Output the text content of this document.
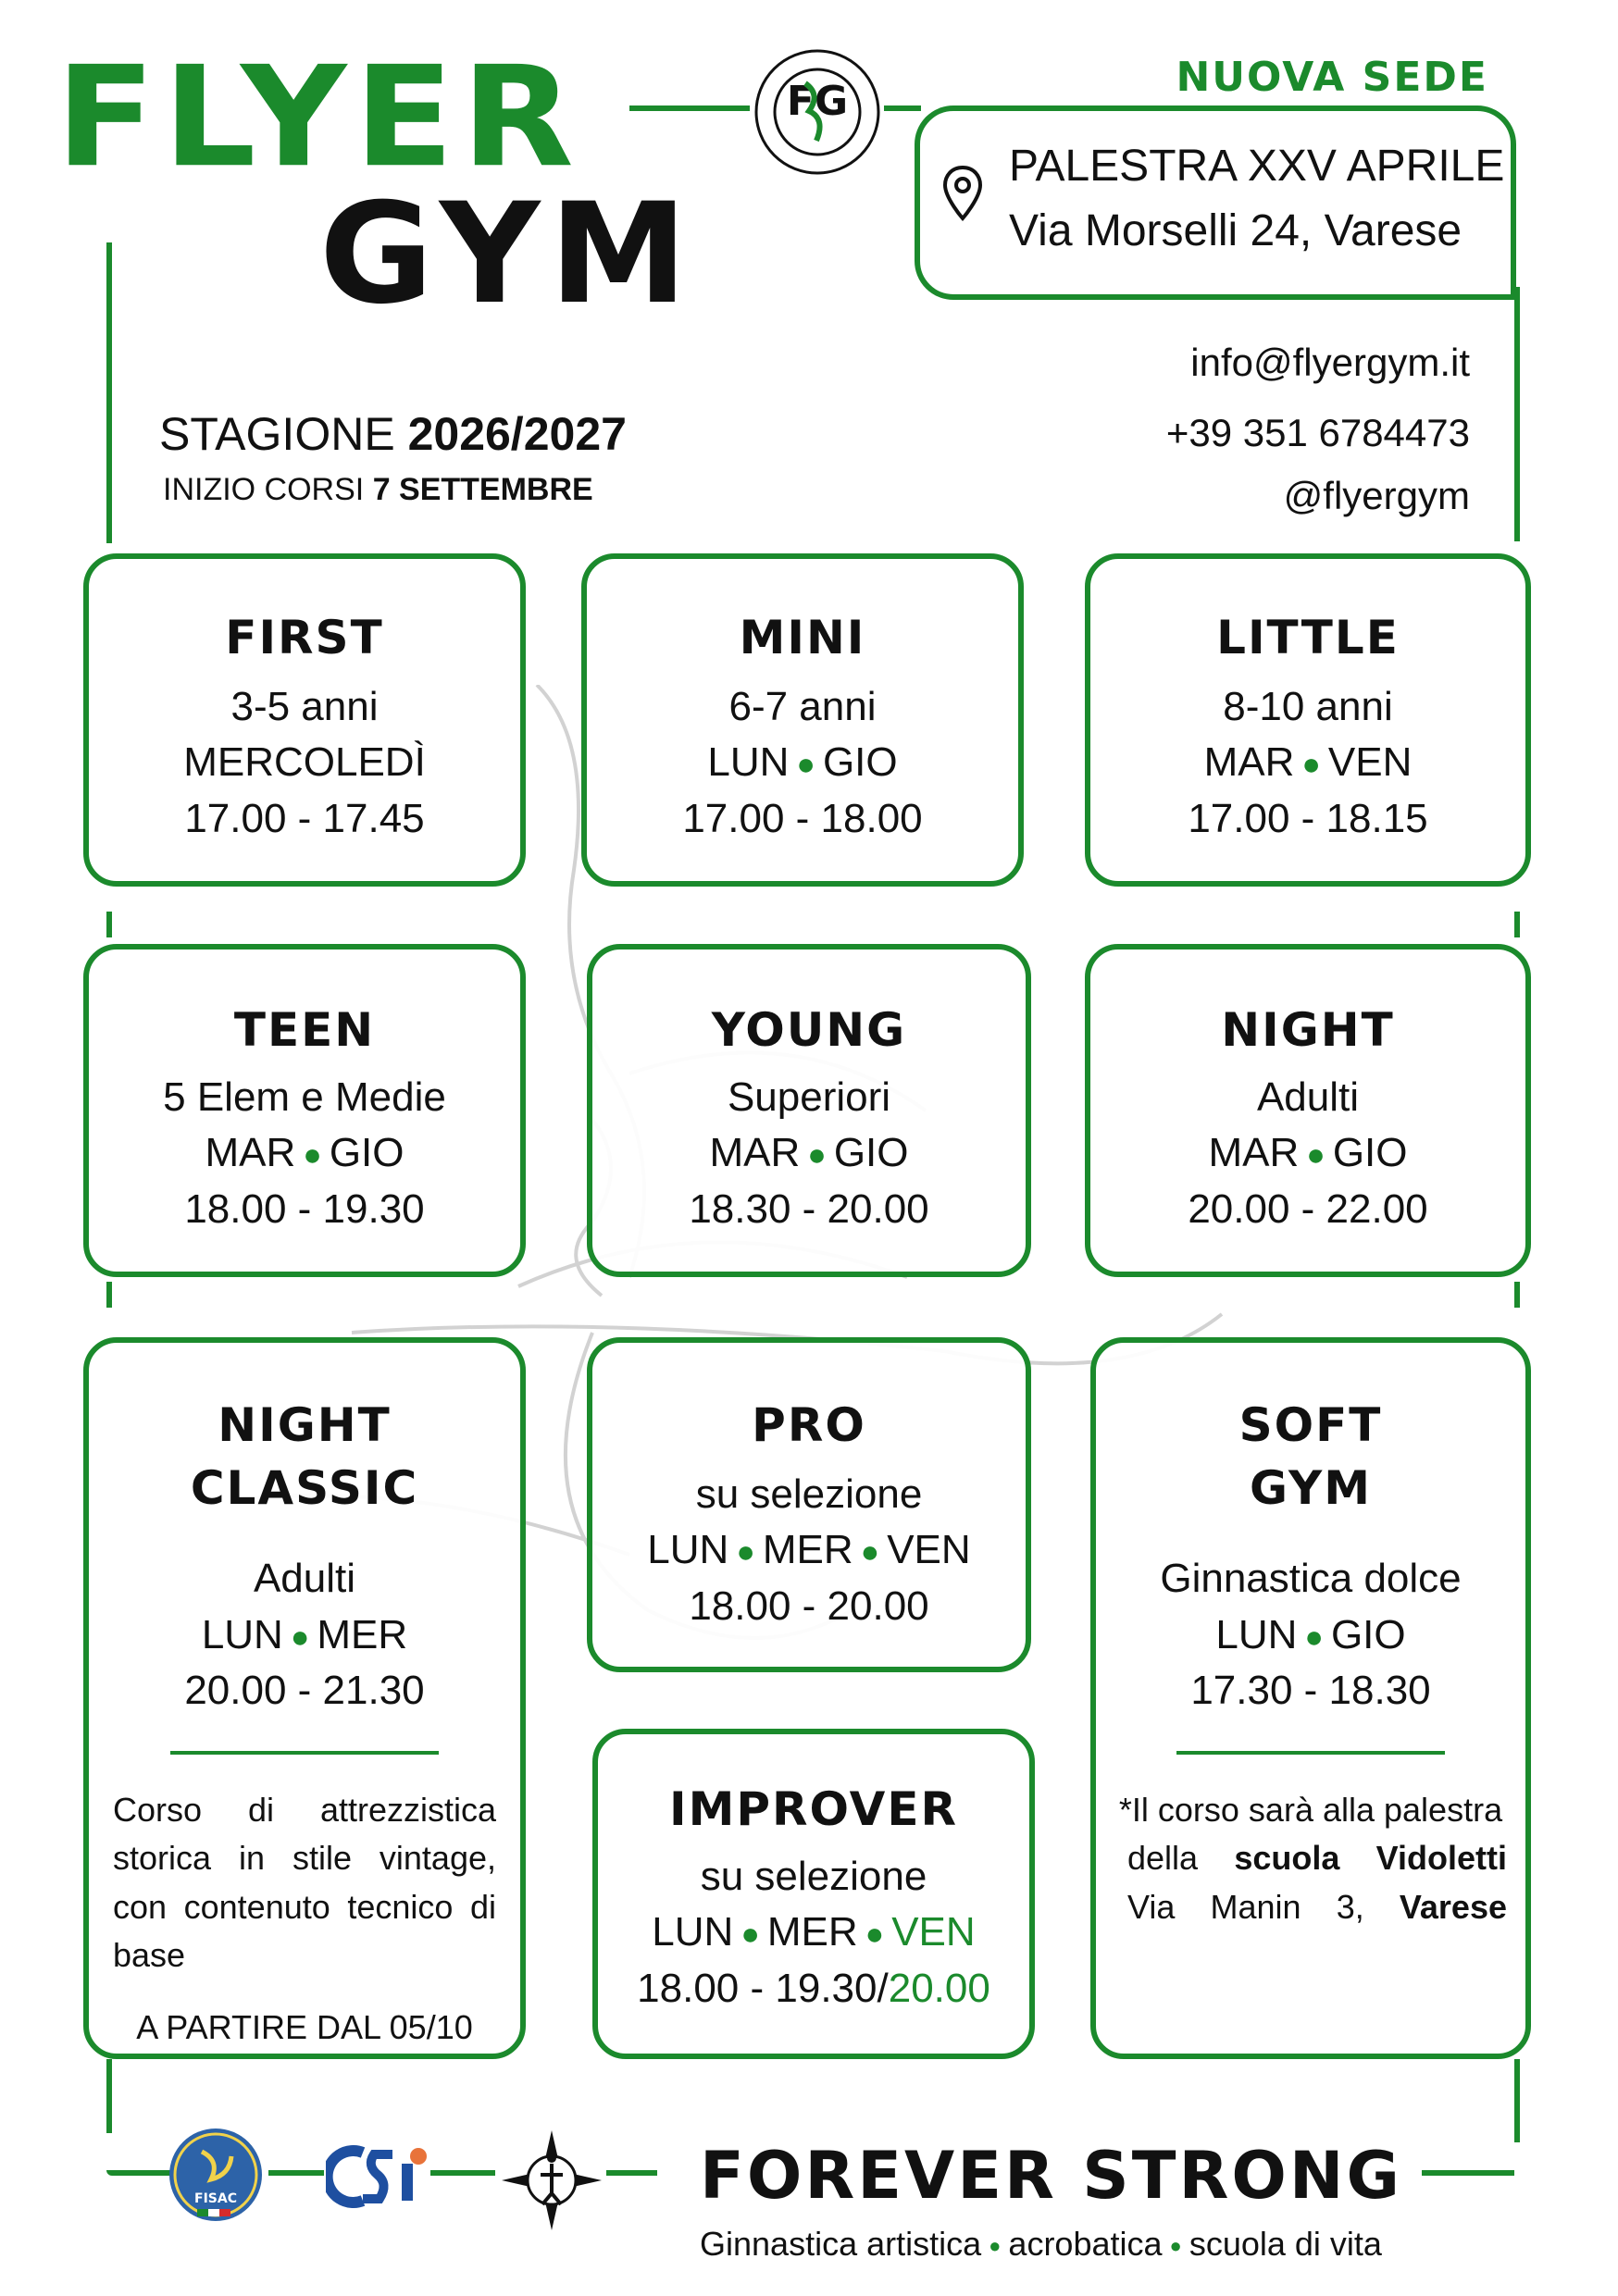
FLYER
GYM
FG
NUOVA SEDE
PALESTRA XXV APRILE
Via Morselli 24, Varese
info@flyergym.it
+39 351 6784473
@flyergym
STAGIONE 2026/2027
INIZIO CORSI 7 SETTEMBRE
FIRST
3-5 anni
MERCOLEDÌ
17.00 - 17.45
MINI
6-7 anni
LUN ● GIO
17.00 - 18.00
LITTLE
8-10 anni
MAR ● VEN
17.00 - 18.15
TEEN
5 Elem e Medie
MAR ● GIO
18.00 - 19.30
YOUNG
Superiori
MAR ● GIO
18.30 - 20.00
NIGHT
Adulti
MAR ● GIO
20.00 - 22.00
NIGHT
CLASSIC
Adulti
LUN ● MER
20.00 - 21.30
Corso di attrezzistica storica in stile vintage, con contenuto tecnico di base
A PARTIRE DAL 05/10
PRO
su selezione
LUN ● MER ● VEN
18.00 - 20.00
IMPROVER
su selezione
LUN ● MER ● VEN
18.00 - 19.30/20.00
SOFT
GYM
Ginnastica dolce
LUN ● GIO
17.30 - 18.30
*Il corso sarà alla palestra
della scuola Vidoletti
Via Manin 3, Varese
FISAC	FOREVER STRONG
Ginnastica artistica ● acrobatica ● scuola di vita
